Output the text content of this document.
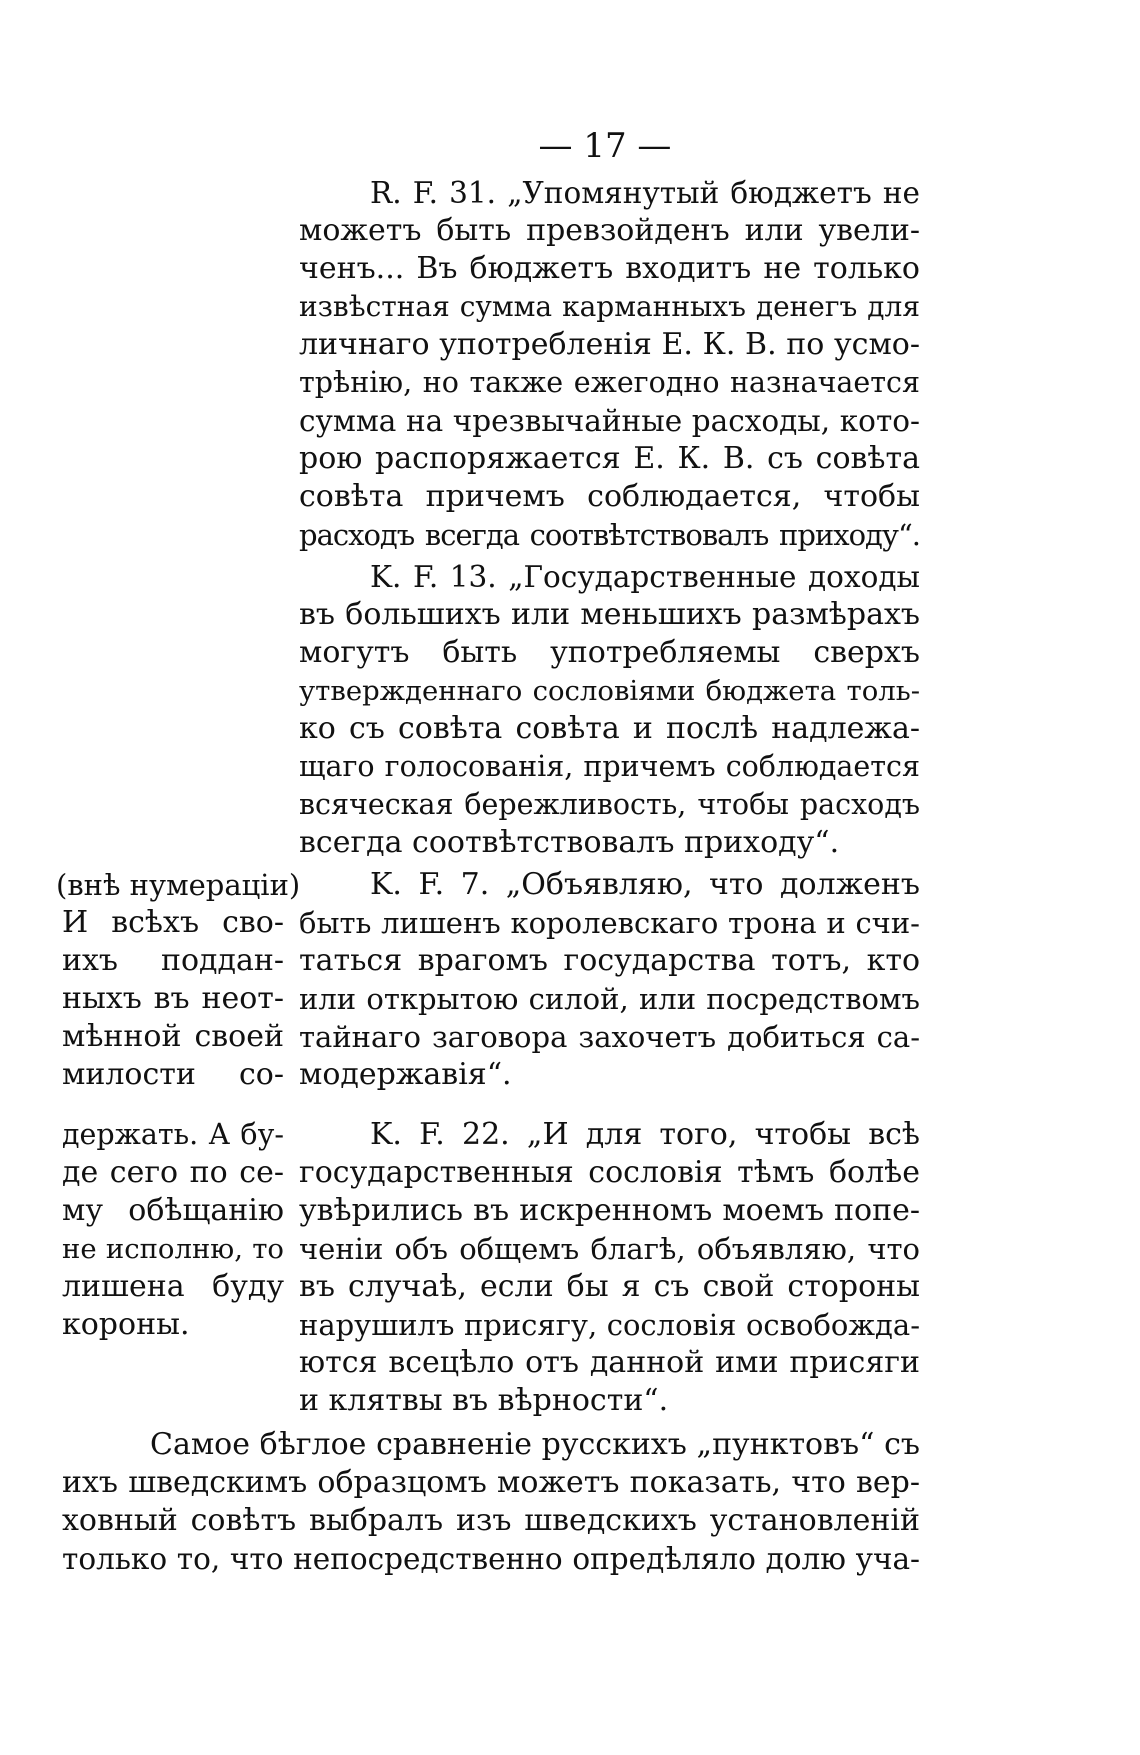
— 17 —
R. F. 31. „Упомянутый бюджетъ не
можетъ быть превзойденъ или увели-
ченъ... Въ бюджетъ входитъ не только
извѣстная сумма карманныхъ денегъ для
личнаго употребленія Е. К. В. по усмо-
трѣнію, но также ежегодно назначается
сумма на чрезвычайные расходы, кото-
рою распоряжается Е. К. В. съ совѣта
совѣта причемъ соблюдается, чтобы
расходъ всегда соотвѣтствовалъ приходу“.
K. F. 13. „Государственные доходы
въ большихъ или меньшихъ размѣрахъ
могутъ быть употребляемы сверхъ
утвержденнаго сословіями бюджета толь-
ко съ совѣта совѣта и послѣ надлежа-
щаго голосованія, причемъ соблюдается
всяческая бережливость, чтобы расходъ
всегда соотвѣтствовалъ приходу“.
K. F. 7. „Объявляю, что долженъ
быть лишенъ королевскаго трона и счи-
таться врагомъ государства тотъ, кто
или открытою силой, или посредствомъ
тайнаго заговора захочетъ добиться са-
модержавія“.
K. F. 22. „И для того, чтобы всѣ
государственныя сословія тѣмъ болѣе
увѣрились въ искренномъ моемъ попе-
ченіи объ общемъ благѣ, объявляю, что
въ случаѣ, если бы я съ свой стороны
нарушилъ присягу, сословія освобожда-
ются всецѣло отъ данной ими присяги
и клятвы въ вѣрности“.
(внѣ нумераціи)
И всѣхъ сво-
ихъ поддан-
ныхъ въ неот-
мѣнной своей
милости со-
держать. А бу-
де сего по се-
му обѣщанію
не исполню, то
лишена буду
короны.
Самое бѣглое сравненіе русскихъ „пунктовъ“ съ
ихъ шведскимъ образцомъ можетъ показать, что вер-
ховный совѣтъ выбралъ изъ шведскихъ установленій
только то, что непосредственно опредѣляло долю уча-
